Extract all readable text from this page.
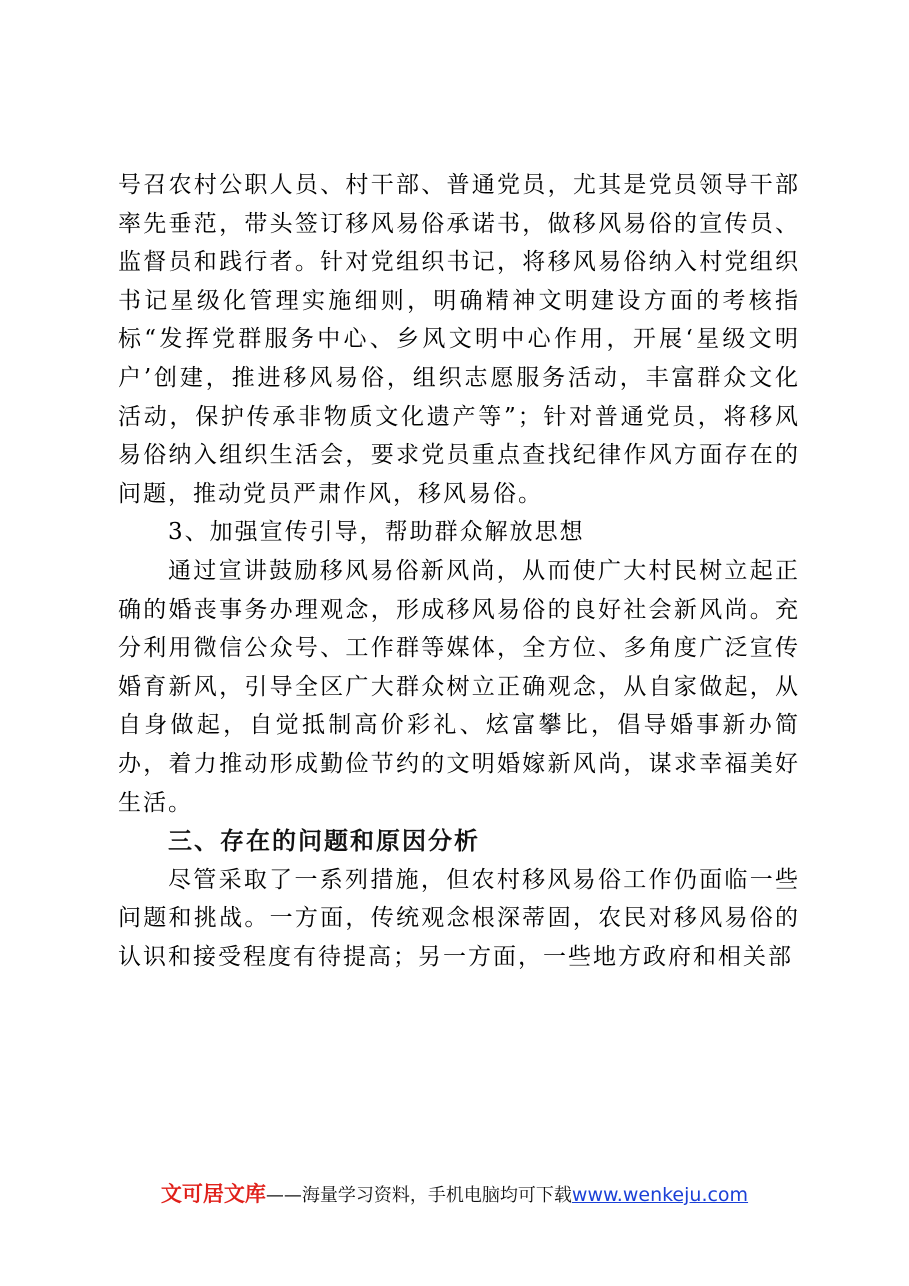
号召农村公职人员、村干部、普通党员，尤其是党员领导干部率先垂范，带头签订移风易俗承诺书，做移风易俗的宣传员、监督员和践行者。针对党组织书记，将移风易俗纳入村党组织书记星级化管理实施细则，明确精神文明建设方面的考核指标“发挥党群服务中心、乡风文明中心作用，开展‘星级文明户’创建，推进移风易俗，组织志愿服务活动，丰富群众文化活动，保护传承非物质文化遗产等”；针对普通党员，将移风易俗纳入组织生活会，要求党员重点查找纪律作风方面存在的问题，推动党员严肃作风，移风易俗。

3、加强宣传引导，帮助群众解放思想

通过宣讲鼓励移风易俗新风尚，从而使广大村民树立起正确的婚丧事务办理观念，形成移风易俗的良好社会新风尚。充分利用微信公众号、工作群等媒体，全方位、多角度广泛宣传婚育新风，引导全区广大群众树立正确观念，从自家做起，从自身做起，自觉抵制高价彩礼、炫富攀比，倡导婚事新办简办，着力推动形成勤俭节约的文明婚嫁新风尚，谋求幸福美好生活。

三、存在的问题和原因分析

尽管采取了一系列措施，但农村移风易俗工作仍面临一些问题和挑战。一方面，传统观念根深蒂固，农民对移风易俗的认识和接受程度有待提高；另一方面，一些地方政府和相关部

文可居文库——海量学习资料，手机电脑均可下载www.wenkeju.com
